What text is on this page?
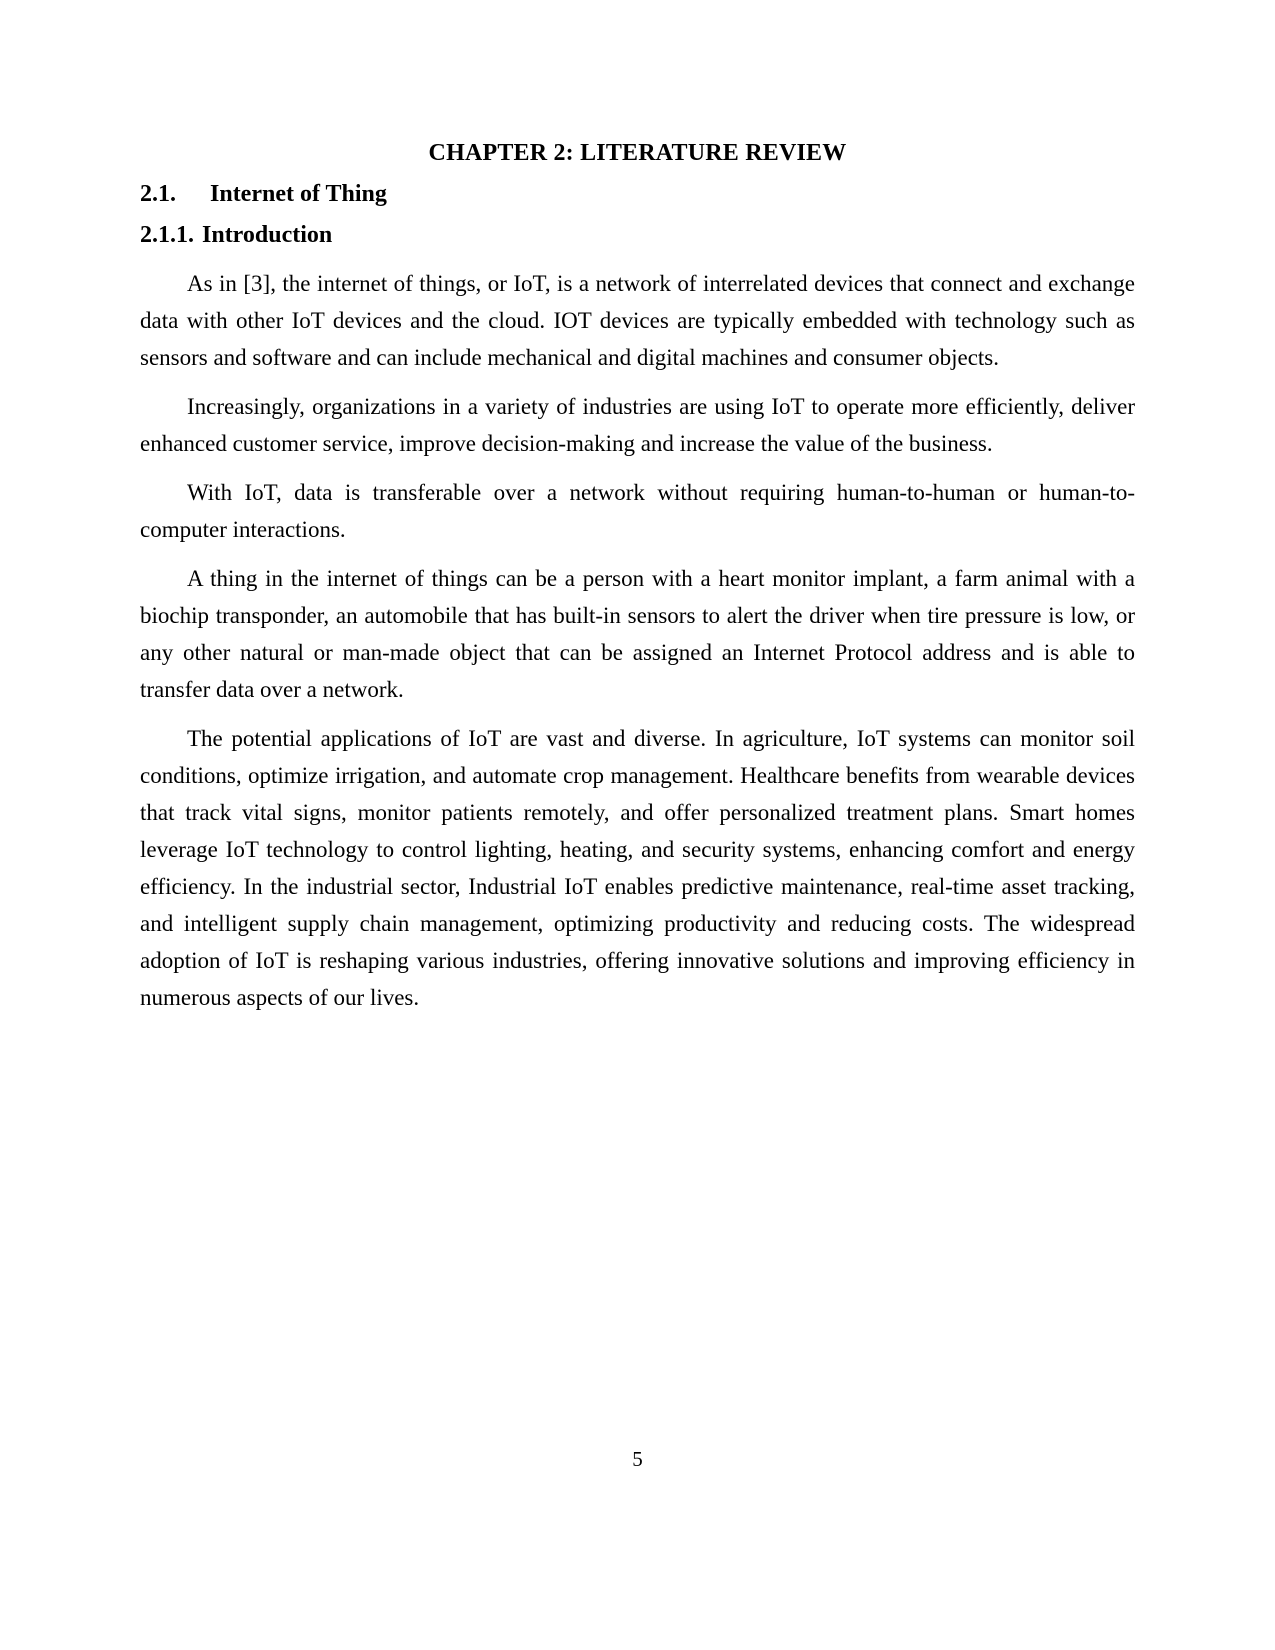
CHAPTER 2: LITERATURE REVIEW
2.1. Internet of Thing
2.1.1. Introduction

As in [3], the internet of things, or IoT, is a network of interrelated devices that connect and exchange data with other IoT devices and the cloud. IOT devices are typically embedded with technology such as sensors and software and can include mechanical and digital machines and consumer objects.

Increasingly, organizations in a variety of industries are using IoT to operate more efficiently, deliver enhanced customer service, improve decision-making and increase the value of the business.

With IoT, data is transferable over a network without requiring human-to-human or human-to-computer interactions.

A thing in the internet of things can be a person with a heart monitor implant, a farm animal with a biochip transponder, an automobile that has built-in sensors to alert the driver when tire pressure is low, or any other natural or man-made object that can be assigned an Internet Protocol address and is able to transfer data over a network.

The potential applications of IoT are vast and diverse. In agriculture, IoT systems can monitor soil conditions, optimize irrigation, and automate crop management. Healthcare benefits from wearable devices that track vital signs, monitor patients remotely, and offer personalized treatment plans. Smart homes leverage IoT technology to control lighting, heating, and security systems, enhancing comfort and energy efficiency. In the industrial sector, Industrial IoT enables predictive maintenance, real-time asset tracking, and intelligent supply chain management, optimizing productivity and reducing costs. The widespread adoption of IoT is reshaping various industries, offering innovative solutions and improving efficiency in numerous aspects of our lives.

5
